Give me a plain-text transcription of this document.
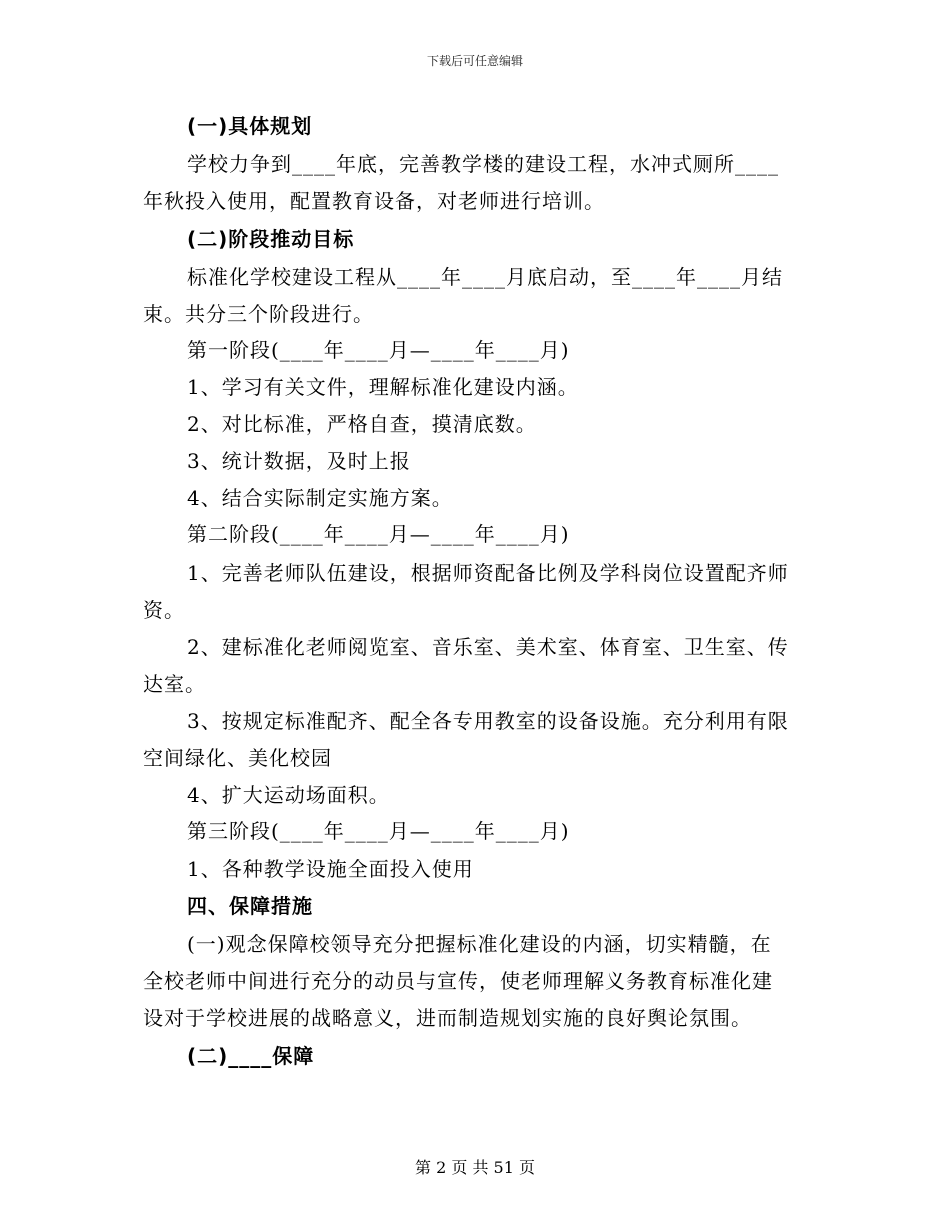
下载后可任意编辑
(一)具体规划
学校力争到____年底，完善教学楼的建设工程，水冲式厕所____
年秋投入使用，配置教育设备，对老师进行培训。
(二)阶段推动目标
标准化学校建设工程从____年____月底启动，至____年____月结
束。共分三个阶段进行。
第一阶段(____年____月—____年____月)
1、学习有关文件，理解标准化建设内涵。
2、对比标准，严格自查，摸清底数。
3、统计数据，及时上报
4、结合实际制定实施方案。
第二阶段(____年____月—____年____月)
1、完善老师队伍建设，根据师资配备比例及学科岗位设置配齐师
资。
2、建标准化老师阅览室、音乐室、美术室、体育室、卫生室、传
达室。
3、按规定标准配齐、配全各专用教室的设备设施。充分利用有限
空间绿化、美化校园
4、扩大运动场面积。
第三阶段(____年____月—____年____月)
1、各种教学设施全面投入使用
四、保障措施
(一)观念保障校领导充分把握标准化建设的内涵，切实精髓，在
全校老师中间进行充分的动员与宣传，使老师理解义务教育标准化建
设对于学校进展的战略意义，进而制造规划实施的良好舆论氛围。
(二)____保障
第 2 页 共 51 页
